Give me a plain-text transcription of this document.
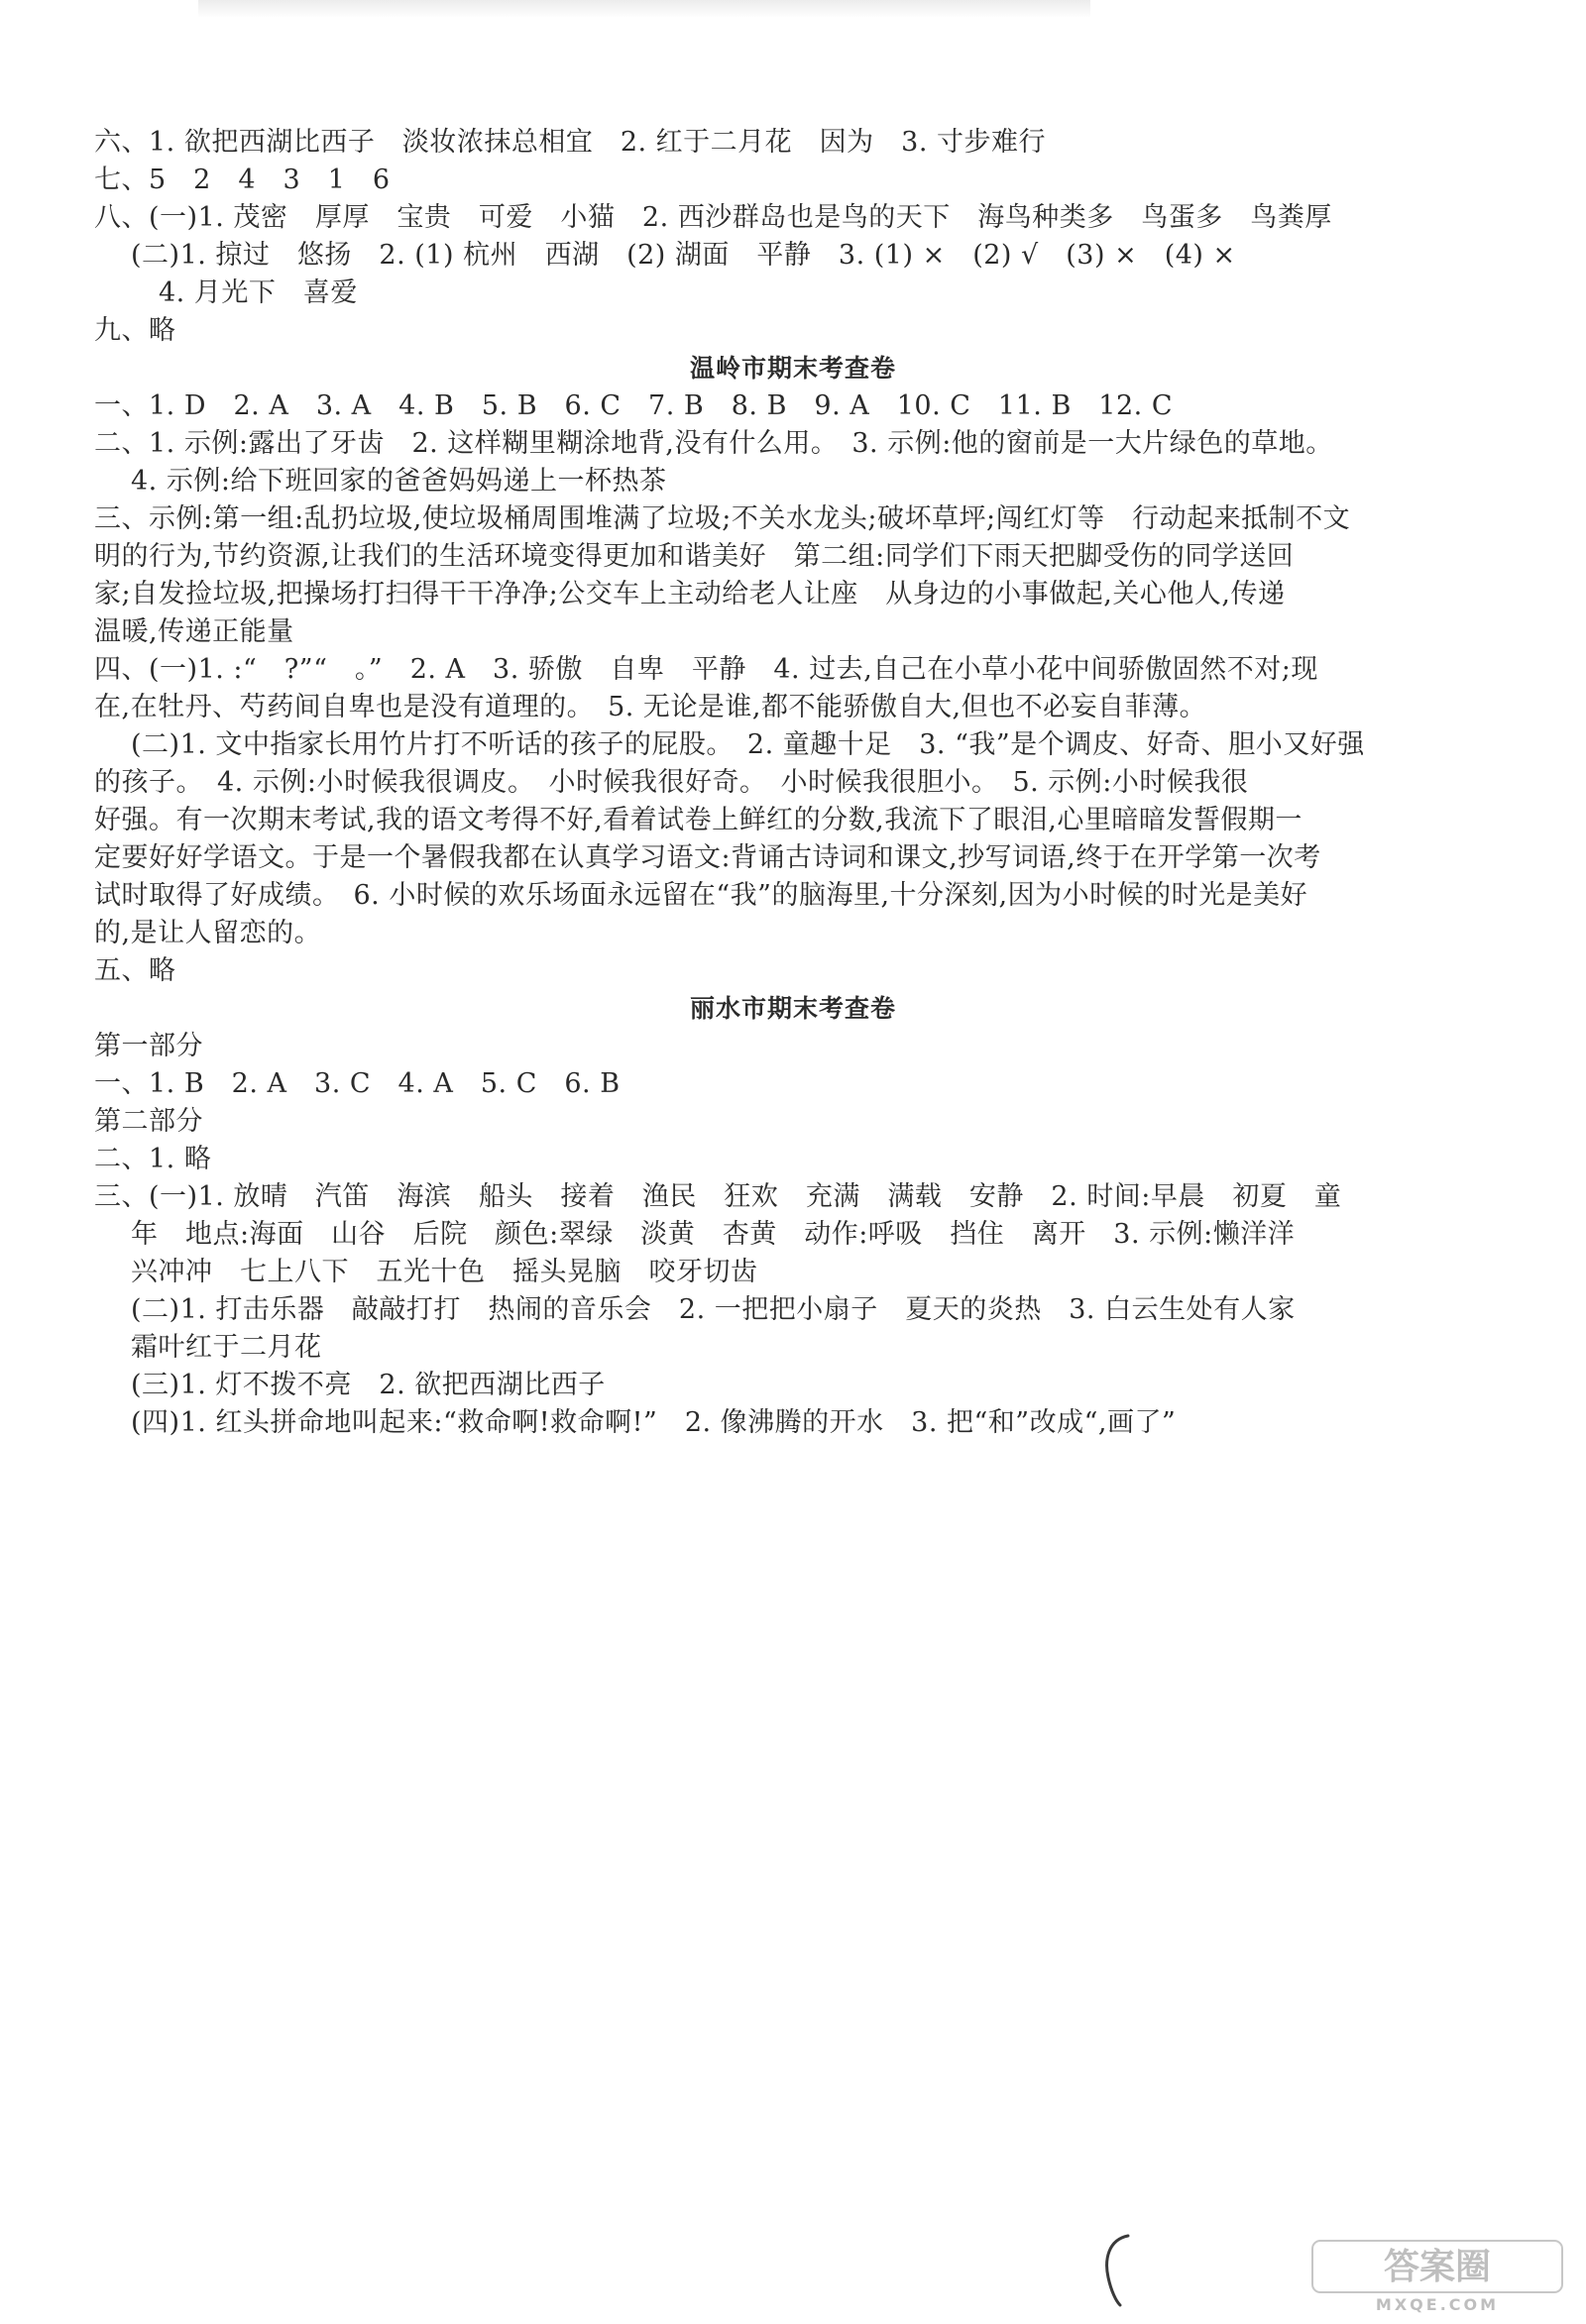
六、1. 欲把西湖比西子　淡妆浓抹总相宜　2. 红于二月花　因为　3. 寸步难行
七、5　2　4　3　1　6
八、(一)1. 茂密　厚厚　宝贵　可爱　小猫　2. 西沙群岛也是鸟的天下　海鸟种类多　鸟蛋多　鸟粪厚
(二)1. 掠过　悠扬　2. (1) 杭州　西湖　(2) 湖面　平静　3. (1) ×　(2) √　(3) ×　(4) ×
4. 月光下　喜爱
九、略
温岭市期末考查卷
一、1. D　2. A　3. A　4. B　5. B　6. C　7. B　8. B　9. A　10. C　11. B　12. C
二、1. 示例:露出了牙齿　2. 这样糊里糊涂地背,没有什么用。　3. 示例:他的窗前是一大片绿色的草地。
4. 示例:给下班回家的爸爸妈妈递上一杯热茶
三、示例:第一组:乱扔垃圾,使垃圾桶周围堆满了垃圾;不关水龙头;破坏草坪;闯红灯等　行动起来抵制不文
明的行为,节约资源,让我们的生活环境变得更加和谐美好　第二组:同学们下雨天把脚受伤的同学送回
家;自发捡垃圾,把操场打扫得干干净净;公交车上主动给老人让座　从身边的小事做起,关心他人,传递
温暖,传递正能量
四、(一)1. :“　?”“　。”　2. A　3. 骄傲　自卑　平静　4. 过去,自己在小草小花中间骄傲固然不对;现
在,在牡丹、芍药间自卑也是没有道理的。　5. 无论是谁,都不能骄傲自大,但也不必妄自菲薄。
(二)1. 文中指家长用竹片打不听话的孩子的屁股。　2. 童趣十足　3. “我”是个调皮、好奇、胆小又好强
的孩子。　4. 示例:小时候我很调皮。　小时候我很好奇。　小时候我很胆小。　5. 示例:小时候我很
好强。有一次期末考试,我的语文考得不好,看着试卷上鲜红的分数,我流下了眼泪,心里暗暗发誓假期一
定要好好学语文。于是一个暑假我都在认真学习语文:背诵古诗词和课文,抄写词语,终于在开学第一次考
试时取得了好成绩。　6. 小时候的欢乐场面永远留在“我”的脑海里,十分深刻,因为小时候的时光是美好
的,是让人留恋的。
五、略
丽水市期末考查卷
第一部分
一、1. B　2. A　3. C　4. A　5. C　6. B
第二部分
二、1. 略
三、(一)1. 放晴　汽笛　海滨　船头　接着　渔民　狂欢　充满　满载　安静　2. 时间:早晨　初夏　童
年　地点:海面　山谷　后院　颜色:翠绿　淡黄　杏黄　动作:呼吸　挡住　离开　3. 示例:懒洋洋
兴冲冲　七上八下　五光十色　摇头晃脑　咬牙切齿
(二)1. 打击乐器　敲敲打打　热闹的音乐会　2. 一把把小扇子　夏天的炎热　3. 白云生处有人家
霜叶红于二月花
(三)1. 灯不拨不亮　2. 欲把西湖比西子
(四)1. 红头拼命地叫起来:“救命啊!救命啊!”　2. 像沸腾的开水　3. 把“和”改成“,画了”
答案圈
MXQE.COM
